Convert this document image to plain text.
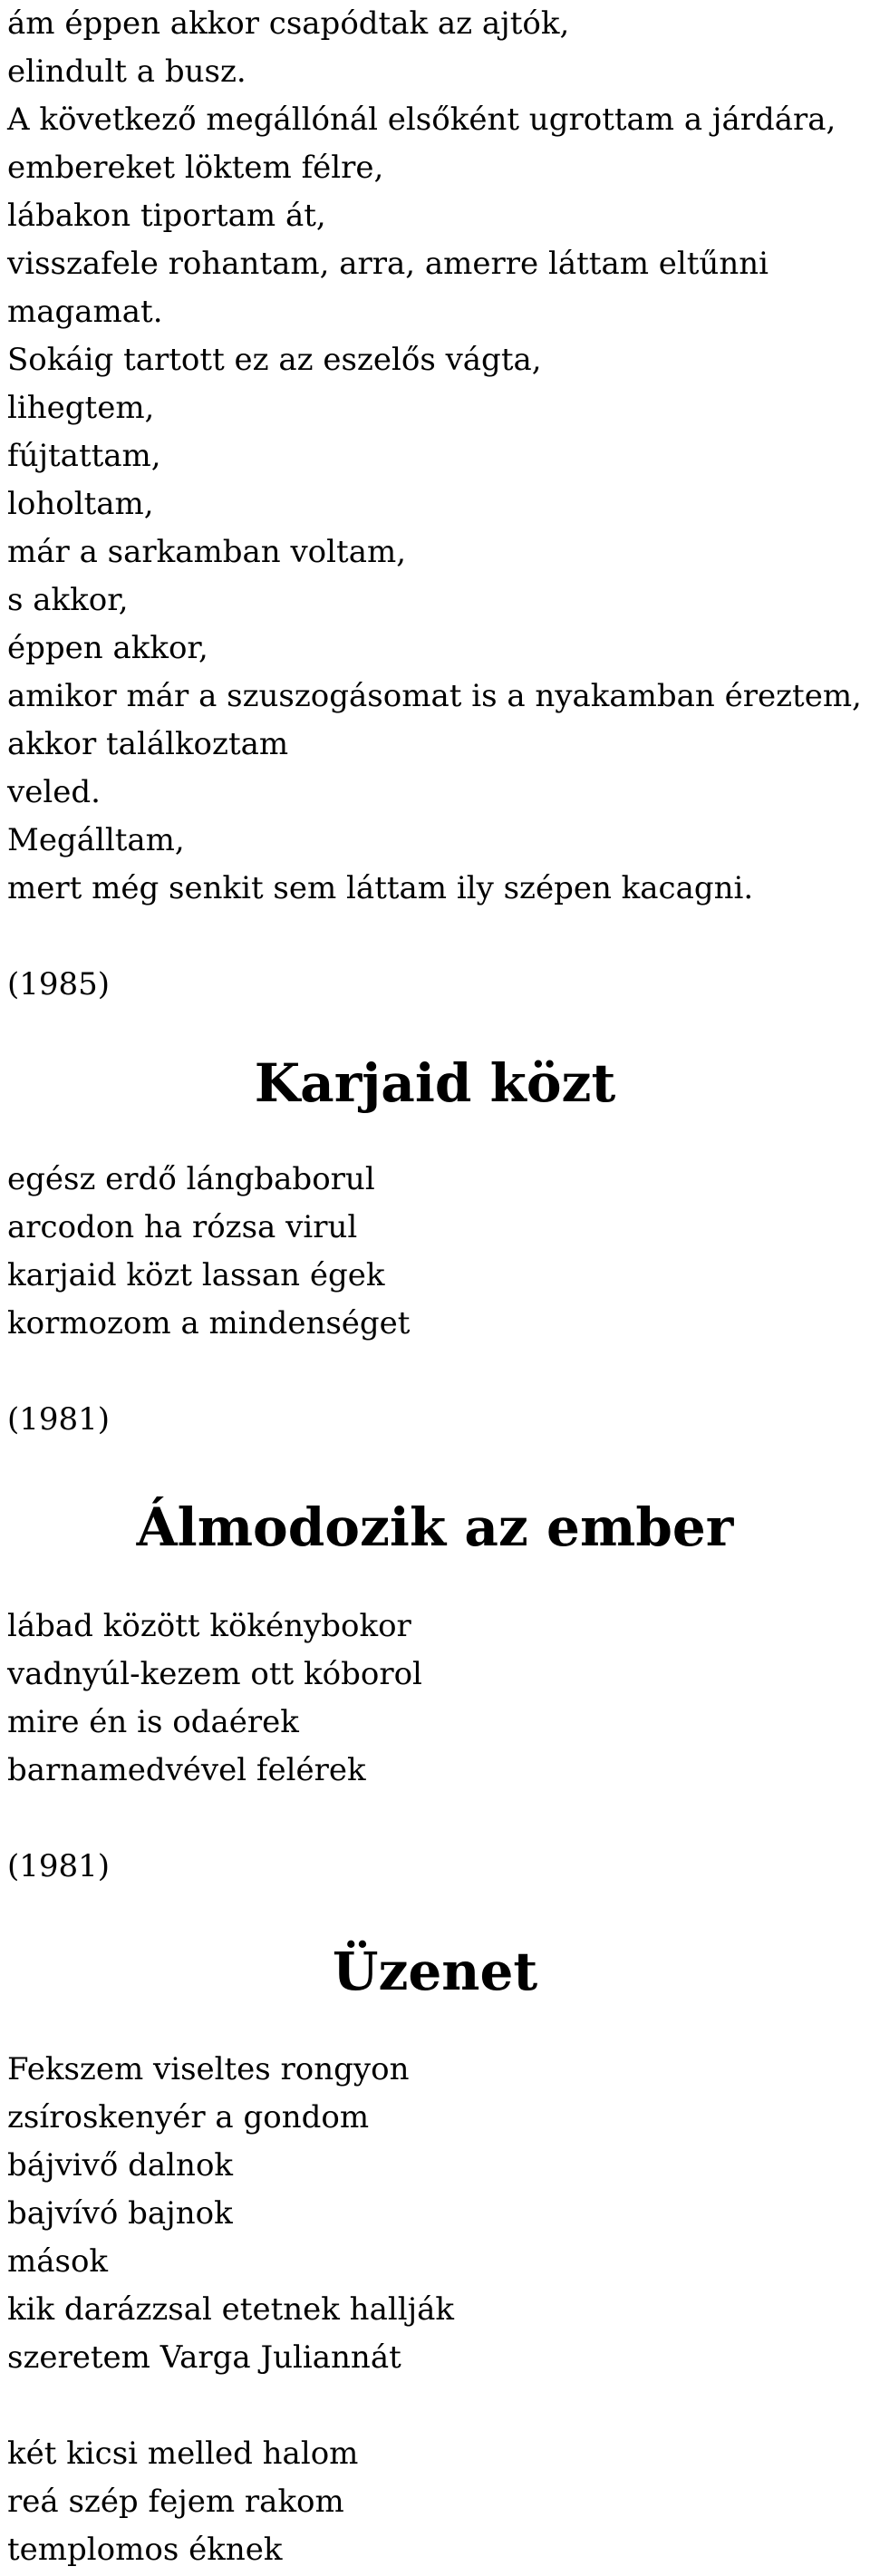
ám éppen akkor csapódtak az ajtók,

elindult a busz.

A következő megállónál elsőként ugrottam a járdára,

embereket löktem félre,

lábakon tiportam át,

visszafele rohantam, arra, amerre láttam eltűnni

magamat.

Sokáig tartott ez az eszelős vágta,

lihegtem,

fújtattam,

loholtam,

már a sarkamban voltam,

s akkor,

éppen akkor,

amikor már a szuszogásomat is a nyakamban éreztem,

akkor találkoztam

veled.

Megálltam,

mert még senkit sem láttam ily szépen kacagni.

(1985)

Karjaid közt

egész erdő lángbaborul

arcodon ha rózsa virul

karjaid közt lassan égek

kormozom a mindenséget

(1981)

Álmodozik az ember

lábad között kökénybokor

vadnyúl-kezem ott kóborol

mire én is odaérek

barnamedvével felérek

(1981)

Üzenet

Fekszem viseltes rongyon

zsíroskenyér a gondom

bájvivő dalnok

bajvívó bajnok

mások

kik darázzsal etetnek hallják

szeretem Varga Juliannát

két kicsi melled halom

reá szép fejem rakom

templomos éknek
